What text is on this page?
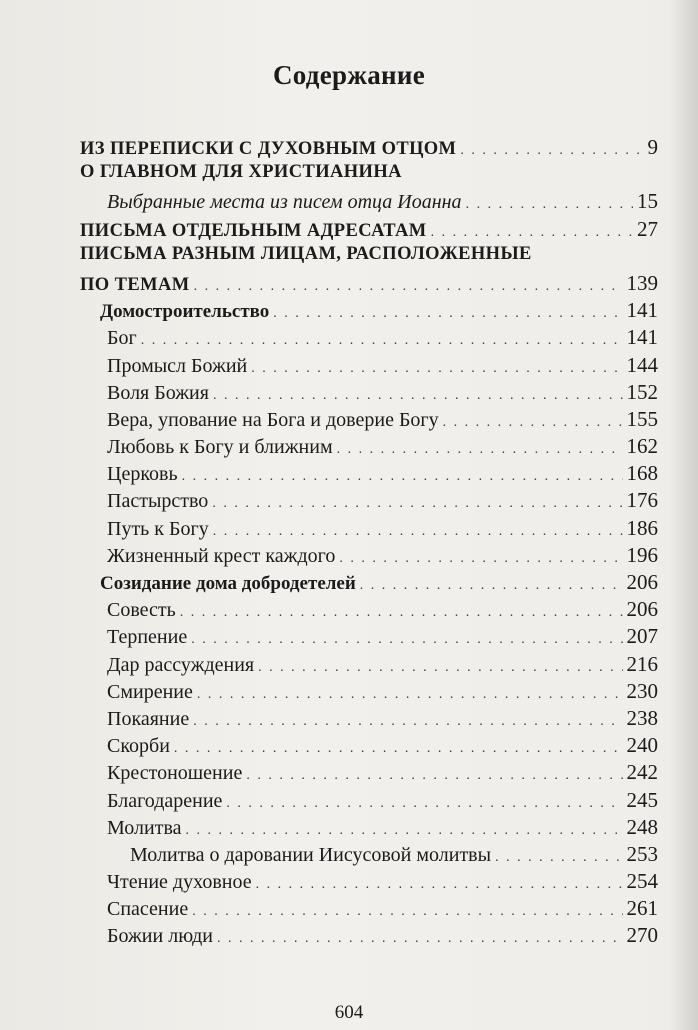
Содержание
ИЗ ПЕРЕПИСКИ С ДУХОВНЫМ ОТЦОМ . . .	9
О ГЛАВНОМ ДЛЯ ХРИСТИАНИНА
Выбранные места из писем отца Иоанна . . .	15
ПИСЬМА ОТДЕЛЬНЫМ АДРЕСАТАМ . . .	27
ПИСЬМА РАЗНЫМ ЛИЦАМ, РАСПОЛОЖЕННЫЕ
ПО ТЕМАМ . . .	139
Домостроительство . . .	141
Бог . . .	141
Промысл Божий . . .	144
Воля Божия . . .	152
Вера, упование на Бога и доверие Богу . . .	155
Любовь к Богу и ближним . . .	162
Церковь . . .	168
Пастырство . . .	176
Путь к Богу . . .	186
Жизненный крест каждого . . .	196
Созидание дома добродетелей . . .	206
Совесть . . .	206
Терпение . . .	207
Дар рассуждения . . .	216
Смирение . . .	230
Покаяние . . .	238
Скорби . . .	240
Крестоношение . . .	242
Благодарение . . .	245
Молитва . . .	248
Молитва о даровании Иисусовой молитвы . . .	253
Чтение духовное . . .	254
Спасение . . .	261
Божии люди . . .	270
604
